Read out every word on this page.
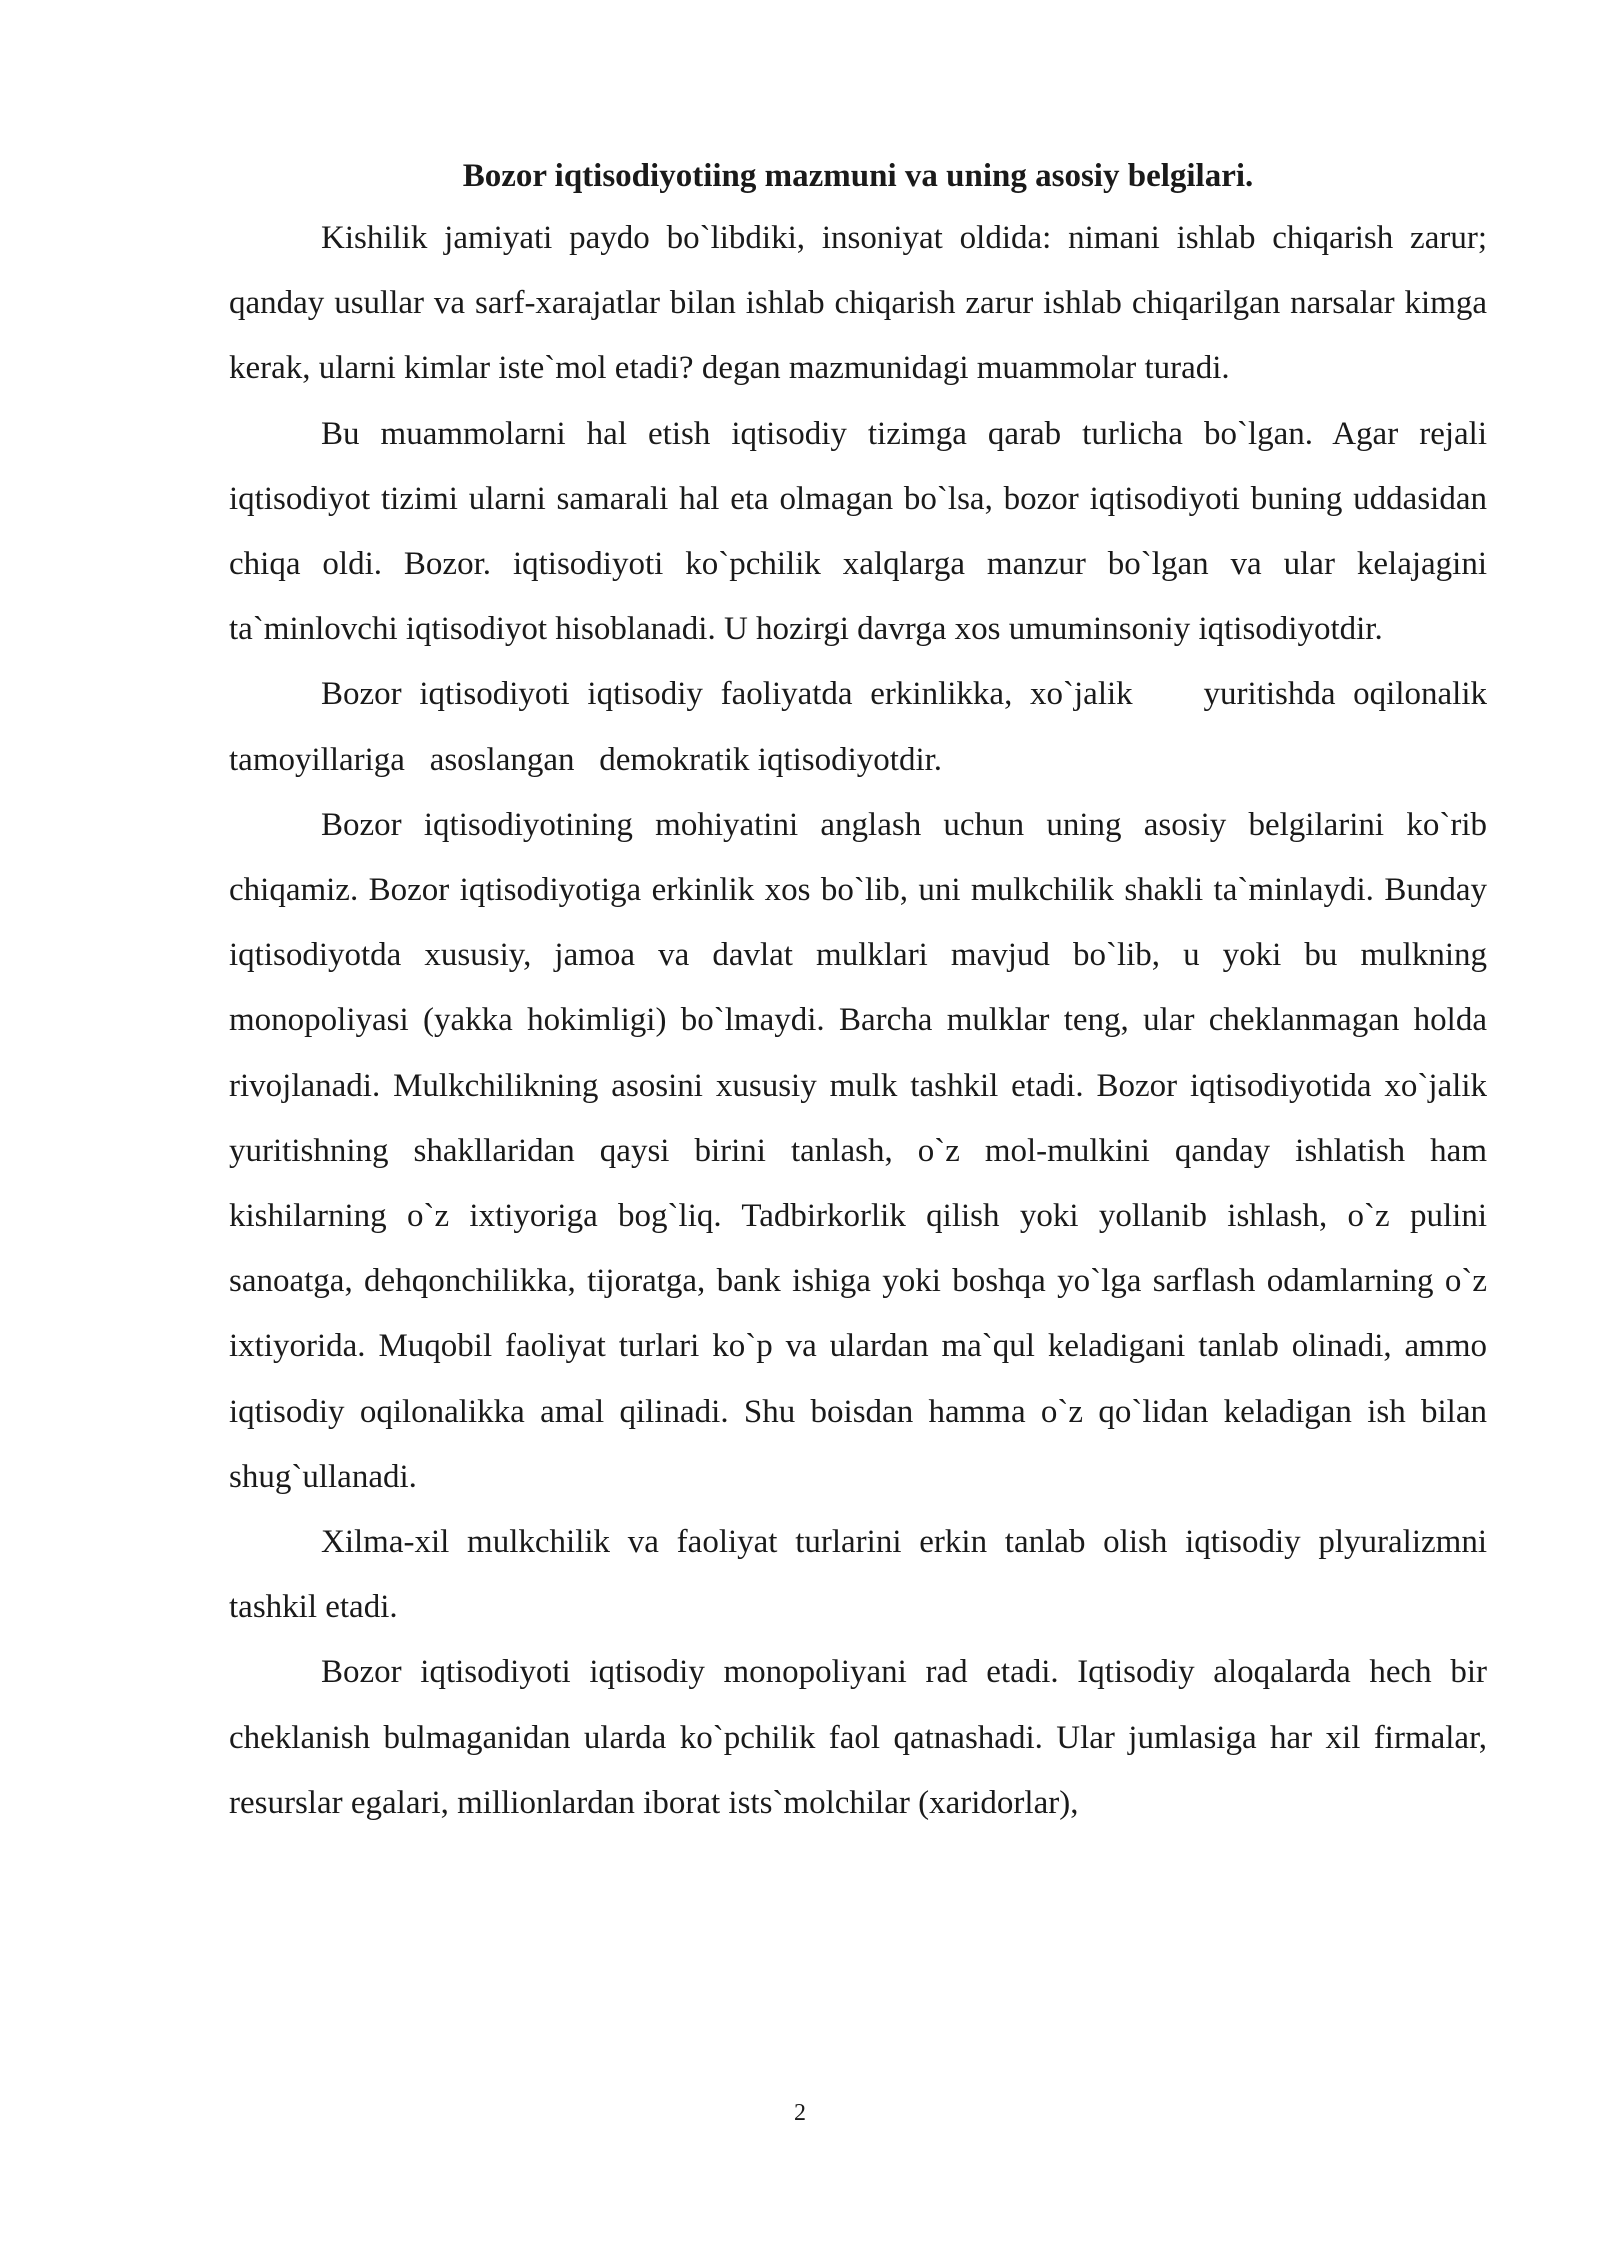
Bozor iqtisodiyotiing mazmuni va uning asosiy belgilari.

Kishilik jamiyati paydo bo`libdiki, insoniyat oldida: nimani ishlab chiqarish zarur; qanday usullar va sarf-xarajatlar bilan ishlab chiqarish zarur ishlab chiqarilgan narsalar kimga kerak, ularni kimlar iste`mol etadi? degan mazmunidagi muammolar turadi.

Bu muammolarni hal etish iqtisodiy tizimga qarab turlicha bo`lgan. Agar rejali iqtisodiyot tizimi ularni samarali hal eta olmagan bo`lsa, bozor iqtisodiyoti buning uddasidan chiqa oldi. Bozor. iqtisodiyoti ko`pchilik xalqlarga manzur bo`lgan va ular kelajagini ta`minlovchi iqtisodiyot hisoblanadi. U hozirgi davrga xos umuminsoniy iqtisodiyotdir.

Bozor iqtisodiyoti iqtisodiy faoliyatda erkinlikka, xo`jalik    yuritishda oqilonalik   tamoyillariga   asoslangan   demokratik iqtisodiyotdir.

Bozor iqtisodiyotining mohiyatini anglash uchun uning asosiy belgilarini ko`rib chiqamiz. Bozor iqtisodiyotiga erkinlik xos bo`lib, uni mulkchilik shakli ta`minlaydi. Bunday iqtisodiyotda xususiy, jamoa va davlat mulklari mavjud bo`lib, u yoki bu mulkning monopoliyasi (yakka hokimligi) bo`lmaydi. Barcha mulklar teng, ular cheklanmagan holda rivojlanadi. Mulkchilikning asosini xususiy mulk tashkil etadi. Bozor iqtisodiyotida xo`jalik yuritishning shakllaridan qaysi birini tanlash, o`z mol-mulkini qanday ishlatish ham kishilarning o`z ixtiyoriga bog`liq. Tadbirkorlik qilish yoki yollanib ishlash, o`z pulini sanoatga, dehqonchilikka, tijoratga, bank ishiga yoki boshqa yo`lga sarflash odamlarning o`z ixtiyorida. Muqobil faoliyat turlari ko`p va ulardan ma`qul keladigani tanlab olinadi, ammo iqtisodiy oqilonalikka amal qilinadi. Shu boisdan hamma o`z qo`lidan keladigan ish bilan shug`ullanadi.

Xilma-xil mulkchilik va faoliyat turlarini erkin tanlab olish iqtisodiy plyuralizmni tashkil etadi.

Bozor iqtisodiyoti iqtisodiy monopoliyani rad etadi. Iqtisodiy aloqalarda hech bir cheklanish bulmaganidan ularda ko`pchilik faol qatnashadi. Ular jumlasiga har xil firmalar, resurslar egalari, millionlardan iborat ists`molchilar (xaridorlar),

2
